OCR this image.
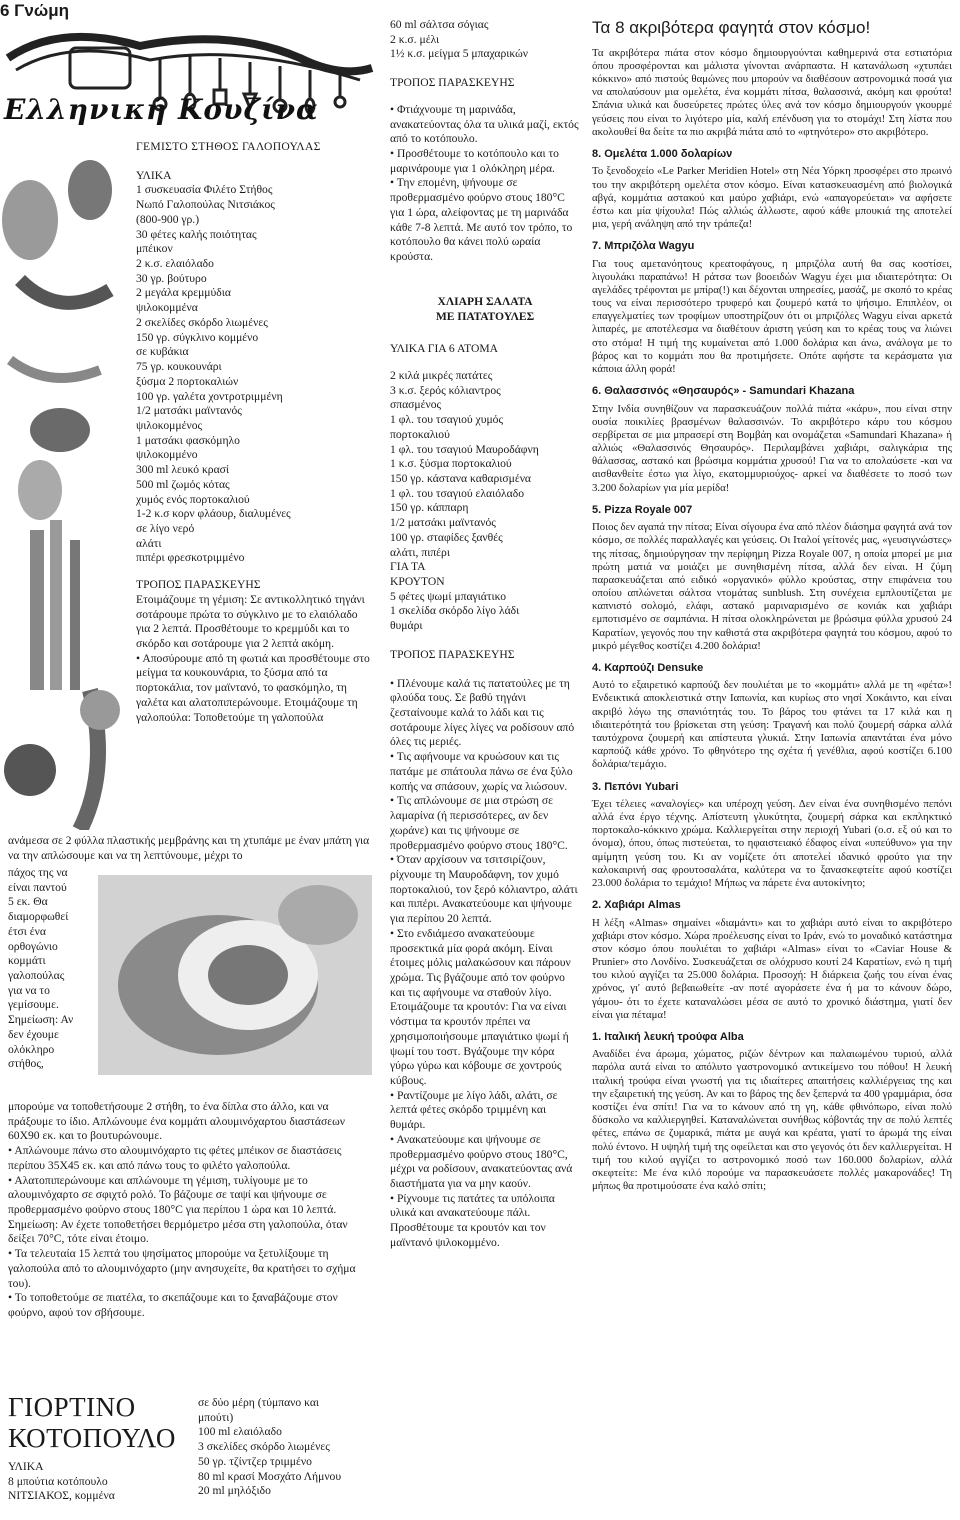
6 Γνώμη
Ελληνική Κουζίνα
ΓΕΜΙΣΤΟ ΣΤΗΘΟΣ ΓΑΛΟΠΟΥΛΑΣ
ΥΛΙΚΑ
1 συσκευασία Φιλέτο Στήθος
Νωπό Γαλοπούλας Νιτσιάκος
(800-900 γρ.)
30 φέτες καλής ποιότητας
μπέικον
2 κ.σ. ελαιόλαδο
30 γρ. βούτυρο
2 μεγάλα κρεμμύδια
ψιλοκομμένα
2 σκελίδες σκόρδο λιωμένες
150 γρ. σύγκλινο κομμένο
σε κυβάκια
75 γρ. κουκουνάρι
ξύσμα 2 πορτοκαλιών
100 γρ. γαλέτα χοντροτριμμένη
1/2 ματσάκι μαϊντανός
ψιλοκομμένος
1 ματσάκι φασκόμηλο
ψιλοκομμένο
300 ml λευκό κρασί
500 ml ζωμός κότας
χυμός ενός πορτοκαλιού
1-2 κ.σ κορν φλάουρ, διαλυμένες
σε λίγο νερό
αλάτι
πιπέρι φρεσκοτριμμένο
ΤΡΟΠΟΣ ΠΑΡΑΣΚΕΥΗΣ
Ετοιμάζουμε τη γέμιση: Σε αντικολλητικό τηγάνι σοτάρουμε πρώτα το σύγκλινο με το ελαιόλαδο για 2 λεπτά. Προσθέτουμε το κρεμμύδι και το σκόρδο και σοτάρουμε για 2 λεπτά ακόμη.
• Αποσύρουμε από τη φωτιά και προσθέτουμε στο μείγμα τα κουκουνάρια, το ξύσμα από τα πορτοκάλια, τον μαϊντανό, το φασκόμηλο, τη γαλέτα και αλατοπιπερώνουμε. Ετοιμάζουμε τη γαλοπούλα: Τοποθετούμε τη γαλοπούλα
ανάμεσα σε 2 φύλλα πλαστικής μεμβράνης και τη χτυπάμε με έναν μπάτη για να την απλώσουμε και να τη λεπτύνουμε, μέχρι το
πάχος της να
είναι παντού
5 εκ. Θα
διαμορφωθεί
έτσι ένα
ορθογώνιο
κομμάτι
γαλοπούλας
για να το
γεμίσουμε.
Σημείωση: Αν
δεν έχουμε
ολόκληρο
στήθος,
μπορούμε να τοποθετήσουμε 2 στήθη, το ένα δίπλα στο άλλο, και να πράξουμε το ίδιο. Απλώνουμε ένα κομμάτι αλουμινόχαρτου διαστάσεων 60Χ90 εκ. και το βουτυρώνουμε.
• Απλώνουμε πάνω στο αλουμινόχαρτο τις φέτες μπέικον σε διαστάσεις περίπου 35Χ45 εκ. και από πάνω τους το φιλέτο γαλοπούλα.
• Αλατοπιπερώνουμε και απλώνουμε τη γέμιση, τυλίγουμε με το αλουμινόχαρτο σε σφιχτό ρολό. Το βάζουμε σε ταψί και ψήνουμε σε προθερμασμένο φούρνο στους 180°C για περίπου 1 ώρα και 10 λεπτά. Σημείωση: Αν έχετε τοποθετήσει θερμόμετρο μέσα στη γαλοπούλα, όταν δείξει 70°C, τότε είναι έτοιμο.
• Τα τελευταία 15 λεπτά του ψησίματος μπορούμε να ξετυλίξουμε τη γαλοπούλα από το αλουμινόχαρτο (μην ανησυχείτε, θα κρατήσει το σχήμα του).
• Το τοποθετούμε σε πιατέλα, το σκεπάζουμε και το ξαναβάζουμε στον φούρνο, αφού τον σβήσουμε.
ΓΙΟΡΤΙΝΟ
ΚΟΤΟΠΟΥΛΟ
ΥΛΙΚΑ
8 μπούτια κοτόπουλο
ΝΙΤΣΙΑΚΟΣ, κομμένα
σε δύο μέρη (τύμπανο και
μπούτι)
100 ml ελαιόλαδο
3 σκελίδες σκόρδο λιωμένες
50 γρ. τζίντζερ τριμμένο
80 ml κρασί Μοσχάτο Λήμνου
20 ml μηλόξιδο
60 ml σάλτσα σόγιας
2 κ.σ. μέλι
1½ κ.σ. μείγμα 5 μπαχαρικών
ΤΡΟΠΟΣ ΠΑΡΑΣΚΕΥΗΣ
• Φτιάχνουμε τη μαρινάδα, ανακατεύοντας όλα τα υλικά μαζί, εκτός από το κοτόπουλο.
• Προσθέτουμε το κοτόπουλο και το μαρινάρουμε για 1 ολόκληρη μέρα.
• Την επομένη, ψήνουμε σε προθερμασμένο φούρνο στους 180°C για 1 ώρα, αλείφοντας με τη μαρινάδα κάθε 7-8 λεπτά. Με αυτό τον τρόπο, το κοτόπουλο θα κάνει πολύ ωραία κρούστα.
ΧΛΙΑΡΗ ΣΑΛΑΤΑ
ΜΕ ΠΑΤΑΤΟΥΛΕΣ
ΥΛΙΚΑ ΓΙΑ 6 ΑΤΟΜΑ
2 κιλά μικρές πατάτες
3 κ.σ. ξερός κόλιαντρος
σπασμένος
1 φλ. του τσαγιού χυμός
πορτοκαλιού
1 φλ. του τσαγιού Μαυροδάφνη
1 κ.σ. ξύσμα πορτοκαλιού
150 γρ. κάστανα καθαρισμένα
1 φλ. του τσαγιού ελαιόλαδο
150 γρ. κάππαρη
1/2 ματσάκι μαϊντανός
100 γρ. σταφίδες ξανθές
αλάτι, πιπέρι
ΓΙΑ ΤΑ
ΚΡΟΥΤΟΝ
5 φέτες ψωμί μπαγιάτικο
1 σκελίδα σκόρδο λίγο λάδι
θυμάρι
ΤΡΟΠΟΣ ΠΑΡΑΣΚΕΥΗΣ
• Πλένουμε καλά τις πατατούλες με τη φλούδα τους. Σε βαθύ τηγάνι ζεσταίνουμε καλά το λάδι και τις σοτάρουμε λίγες λίγες να ροδίσουν από όλες τις μεριές.
• Τις αφήνουμε να κρυώσουν και τις πατάμε με σπάτουλα πάνω σε ένα ξύλο κοπής να σπάσουν, χωρίς να λιώσουν.
• Τις απλώνουμε σε μια στρώση σε λαμαρίνα (ή περισσότερες, αν δεν χωράνε) και τις ψήνουμε σε προθερμασμένο φούρνο στους 180°C.
• Όταν αρχίσουν να τσιτσιρίζουν, ρίχνουμε τη Μαυροδάφνη, τον χυμό πορτοκαλιού, τον ξερό κόλιαντρο, αλάτι και πιπέρι. Ανακατεύουμε και ψήνουμε για περίπου 20 λεπτά.
• Στο ενδιάμεσο ανακατεύουμε προσεκτικά μία φορά ακόμη. Είναι έτοιμες μόλις μαλακώσουν και πάρουν χρώμα. Τις βγάζουμε από τον φούρνο και τις αφήνουμε να σταθούν λίγο. Ετοιμάζουμε τα κρουτόν: Για να είναι νόστιμα τα κρουτόν πρέπει να χρησιμοποιήσουμε μπαγιάτικο ψωμί ή ψωμί του τοστ. Βγάζουμε την κόρα γύρω γύρω και κόβουμε σε χοντρούς κύβους.
• Ραντίζουμε με λίγο λάδι, αλάτι, σε λεπτά φέτες σκόρδο τριμμένη και θυμάρι.
• Ανακατεύουμε και ψήνουμε σε προθερμασμένο φούρνο στους 180°C, μέχρι να ροδίσουν, ανακατεύοντας ανά διαστήματα για να μην καούν.
• Ρίχνουμε τις πατάτες τα υπόλοιπα υλικά και ανακατεύουμε πάλι. Προσθέτουμε τα κρουτόν και τον μαϊντανό ψιλοκομμένο.
Τα 8 ακριβότερα φαγητά στον κόσμο!
Τα ακριβότερα πιάτα στον κόσμο δημιουργούνται καθημερινά στα εστιατόρια όπου προσφέρονται και μάλιστα γίνονται ανάρπαστα. Η κατανάλωση «χτυπάει κόκκινο» από πιστούς θαμώνες που μπορούν να διαθέσουν αστρονομικά ποσά για να απολαύσουν μια ομελέτα, ένα κομμάτι πίτσα, θαλασσινά, ακόμη και φρούτα! Σπάνια υλικά και δυσεύρετες πρώτες ύλες ανά τον κόσμο δημιουργούν γκουρμέ γεύσεις που είναι το λιγότερο μία, καλή επένδυση για το στομάχι! Στη λίστα που ακολουθεί θα δείτε τα πιο ακριβά πιάτα από το «φτηνότερο» στο ακριβότερο.
8. Ομελέτα 1.000 δολαρίων
Το ξενοδοχείο «Le Parker Meridien Hotel» στη Νέα Υόρκη προσφέρει στο πρωινό του την ακριβότερη ομελέτα στον κόσμο. Είναι κατασκευασμένη από βιολογικά αβγά, κομμάτια αστακού και μαύρο χαβιάρι, ενώ «απαγορεύεται» να αφήσετε έστω και μία ψίχουλα! Πώς αλλιώς άλλωστε, αφού κάθε μπουκιά της αποτελεί μια, γερή ανάληψη από την τράπεζα!
7. Μπριζόλα Wagyu
Για τους αμετανόητους κρεατοφάγους, η μπριζόλα αυτή θα σας κοστίσει, λιγουλάκι παραπάνω! Η ράτσα των βοοειδών Wagyu έχει μια ιδιαιτερότητα: Οι αγελάδες τρέφονται με μπίρα(!) και δέχονται υπηρεσίες, μασάζ, με σκοπό το κρέας τους να είναι περισσότερο τρυφερό και ζουμερό κατά το ψήσιμο. Επιπλέον, οι επαγγελματίες των τροφίμων υποστηρίζουν ότι οι μπριζόλες Wagyu είναι αρκετά λιπαρές, με αποτέλεσμα να διαθέτουν άριστη γεύση και το κρέας τους να λιώνει στο στόμα! Η τιμή της κυμαίνεται από 1.000 δολάρια και άνω, ανάλογα με το βάρος και το κομμάτι που θα προτιμήσετε. Οπότε αφήστε τα κεράσματα για κάποια άλλη φορά!
6. Θαλασσινός «Θησαυρός» - Samundari Khazana
Στην Ινδία συνηθίζουν να παρασκευάζουν πολλά πιάτα «κάρυ», που είναι στην ουσία ποικιλίες βρασμένων θαλασσινών. Το ακριβότερο κάρυ του κόσμου σερβίρεται σε μια μπρασερί στη Βομβάη και ονομάζεται «Samundari Khazana» ή αλλιώς «Θαλασσινός Θησαυρός». Περιλαμβάνει χαβιάρι, σαλιγκάρια της θάλασσας, αστακό και βρώσιμα κομμάτια χρυσού! Για να το απολαύσετε -και να αισθανθείτε έστω για λίγο, εκατομμυριούχος- αρκεί να διαθέσετε το ποσό των 3.200 δολαρίων για μία μερίδα!
5. Pizza Royale 007
Ποιος δεν αγαπά την πίτσα; Είναι σίγουρα ένα από πλέον διάσημα φαγητά ανά τον κόσμο, σε πολλές παραλλαγές και γεύσεις. Οι Ιταλοί γείτονές μας, «γευσιγνώστες» της πίτσας, δημιούργησαν την περίφημη Pizza Royale 007, η οποία μπορεί με μια πρώτη ματιά να μοιάζει με συνηθισμένη πίτσα, αλλά δεν είναι. Η ζύμη παρασκευάζεται από ειδικό «οργανικό» φύλλο κρούστας, στην επιφάνεια του οποίου απλώνεται σάλτσα ντομάτας sunblush. Στη συνέχεια εμπλουτίζεται με καπνιστό σολομό, ελάφι, αστακό μαριναρισμένο σε κονιάκ και χαβιάρι εμποτισμένο σε σαμπάνια. Η πίτσα ολοκληρώνεται με βρώσιμα φύλλα χρυσού 24 Καρατίων, γεγονός που την καθιστά στα ακριβότερα φαγητά του κόσμου, αφού το μικρό μέγεθος κοστίζει 4.200 δολάρια!
4. Καρπούζι Densuke
Αυτό το εξαιρετικό καρπούζι δεν πουλιέται με το «κομμάτι» αλλά με τη «φέτα»! Ενδεικτικά αποκλειστικά στην Ιαπωνία, και κυρίως στο νησί Χοκάιντο, και είναι ακριβό λόγω της σπανιότητάς του. Το βάρος του φτάνει τα 17 κιλά και η ιδιαιτερότητά του βρίσκεται στη γεύση: Τραγανή και πολύ ζουμερή σάρκα αλλά ταυτόχρονα ζουμερή και απίστευτα γλυκιά. Στην Ιαπωνία απαντάται ένα μόνο καρπούζι κάθε χρόνο. Το φθηνότερο της σχέτα ή γενέθλια, αφού κοστίζει 6.100 δολάρια/τεμάχιο.
3. Πεπόνι Yubari
Έχει τέλειες «αναλογίες» και υπέροχη γεύση. Δεν είναι ένα συνηθισμένο πεπόνι αλλά ένα έργο τέχνης. Απίστευτη γλυκύτητα, ζουμερή σάρκα και εκπληκτικό πορτοκαλο-κόκκινο χρώμα. Καλλιεργείται στην περιοχή Yubari (ο.σ. εξ ού και το όνομα), όπου, όπως πιστεύεται, το ηφαιστειακό έδαφος είναι «υπεύθυνο» για την αμίμητη γεύση του. Κι αν νομίζετε ότι αποτελεί ιδανικό φρούτο για την καλοκαιρινή σας φρουτοσαλάτα, καλύτερα να το ξανασκεφτείτε αφού κοστίζει 23.000 δολάρια το τεμάχιο! Μήπως να πάρετε ένα αυτοκίνητο;
2. Χαβιάρι Almas
Η λέξη «Almas» σημαίνει «διαμάντι» και το χαβιάρι αυτό είναι το ακριβότερο χαβιάρι στον κόσμο. Χώρα προέλευσης είναι το Ιράν, ενώ το μοναδικό κατάστημα στον κόσμο όπου πουλιέται το χαβιάρι «Almas» είναι το «Caviar House & Prunier» στο Λονδίνο. Συσκευάζεται σε ολόχρυσο κουτί 24 Καρατίων, ενώ η τιμή του κιλού αγγίζει τα 25.000 δολάρια. Προσοχή: Η διάρκεια ζωής του είναι ένας χρόνος, γι' αυτό βεβαιωθείτε -αν ποτέ αγοράσετε ένα ή μα το κάνουν δώρο, γάμου- ότι το έχετε καταναλώσει μέσα σε αυτό το χρονικό διάστημα, γιατί δεν είναι για πέταμα!
1. Ιταλική λευκή τρούφα Alba
Αναδίδει ένα άρωμα, χώματος, ριζών δέντρων και παλαιωμένου τυριού, αλλά παρόλα αυτά είναι το απόλυτο γαστρονομικό αντικείμενο του πόθου! Η λευκή ιταλική τρούφα είναι γνωστή για τις ιδιαίτερες απαιτήσεις καλλιέργειας της και την εξαιρετική της γεύση. Αν και το βάρος της δεν ξεπερνά τα 400 γραμμάρια, όσα κοστίζει ένα σπίτι! Για να το κάνουν από τη γη, κάθε φθινόπωρο, είναι πολύ δύσκολο να καλλιεργηθεί. Καταναλώνεται συνήθως κόβοντάς την σε πολύ λεπτές φέτες, επάνω σε ζυμαρικά, πιάτα με αυγά και κρέατα, γιατί το άρωμά της είναι πολύ έντονο. Η υψηλή τιμή της οφείλεται και στο γεγονός ότι δεν καλλιεργείται. Η τιμή του κιλού αγγίζει το αστρονομικό ποσό των 160.000 δολαρίων, αλλά σκεφτείτε: Με ένα κιλό πορούμε να παρασκευάσετε πολλές μακαρονάδες! Τη μήπως θα προτιμούσατε ένα καλό σπίτι;
